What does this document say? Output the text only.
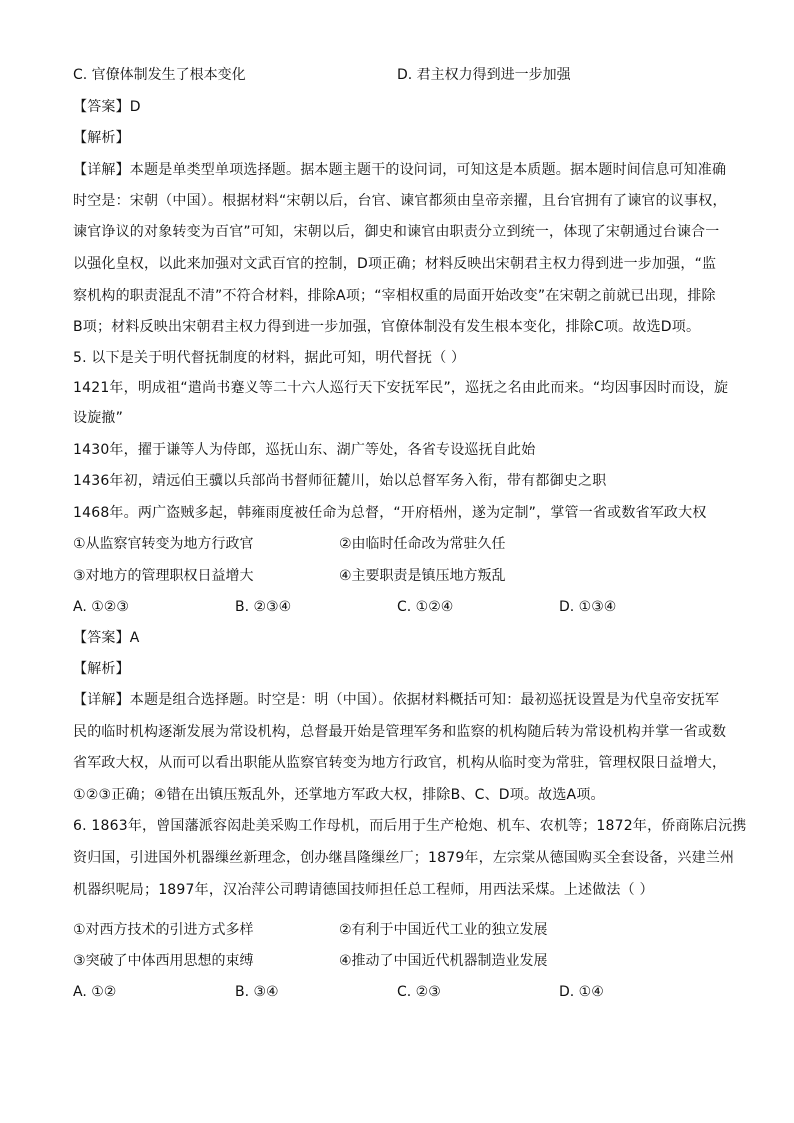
C. 官僚体制发生了根本变化	D. 君主权力得到进一步加强
【答案】D
【解析】
【详解】本题是单类型单项选择题。据本题主题干的设问词，可知这是本质题。据本题时间信息可知准确
时空是：宋朝（中国）。根据材料“宋朝以后，台官、谏官都须由皇帝亲擢，且台官拥有了谏官的议事权，
谏官诤议的对象转变为百官”可知，宋朝以后，御史和谏官由职责分立到统一，体现了宋朝通过台谏合一
以强化皇权，以此来加强对文武百官的控制，D项正确；材料反映出宋朝君主权力得到进一步加强，“监
察机构的职责混乱不清”不符合材料，排除A项；“宰相权重的局面开始改变”在宋朝之前就已出现，排除
B项；材料反映出宋朝君主权力得到进一步加强，官僚体制没有发生根本变化，排除C项。故选D项。
5. 以下是关于明代督抚制度的材料，据此可知，明代督抚（ ）
1421年，明成祖“遣尚书蹇义等二十六人巡行天下安抚军民”，巡抚之名由此而来。“均因事因时而设，旋
设旋撤”
1430年，擢于谦等人为侍郎，巡抚山东、湖广等处，各省专设巡抚自此始
1436年初，靖远伯王骥以兵部尚书督师征麓川，始以总督军务入衔，带有都御史之职
1468年。两广盗贼多起，韩雍雨度被任命为总督，“开府梧州，遂为定制”，掌管一省或数省军政大权
①从监察官转变为地方行政官	②由临时任命改为常驻久任
③对地方的管理职权日益增大	④主要职责是镇压地方叛乱
A. ①②③	B. ②③④	C. ①②④	D. ①③④
【答案】A
【解析】
【详解】本题是组合选择题。时空是：明（中国）。依据材料概括可知：最初巡抚设置是为代皇帝安抚军
民的临时机构逐渐发展为常设机构，总督最开始是管理军务和监察的机构随后转为常设机构并掌一省或数
省军政大权，从而可以看出职能从监察官转变为地方行政官，机构从临时变为常驻，管理权限日益增大，
①②③正确；④错在出镇压叛乱外，还掌地方军政大权，排除B、C、D项。故选A项。
6. 1863年，曾国藩派容闳赴美采购工作母机，而后用于生产枪炮、机车、农机等；1872年，侨商陈启沅携
资归国，引进国外机器缫丝新理念，创办继昌隆缫丝厂；1879年，左宗棠从德国购买全套设备，兴建兰州
机器织呢局；1897年，汉冶萍公司聘请德国技师担任总工程师，用西法采煤。上述做法（ ）
①对西方技术的引进方式多样	②有利于中国近代工业的独立发展
③突破了中体西用思想的束缚	④推动了中国近代机器制造业发展
A. ①②	B. ③④	C. ②③	D. ①④
